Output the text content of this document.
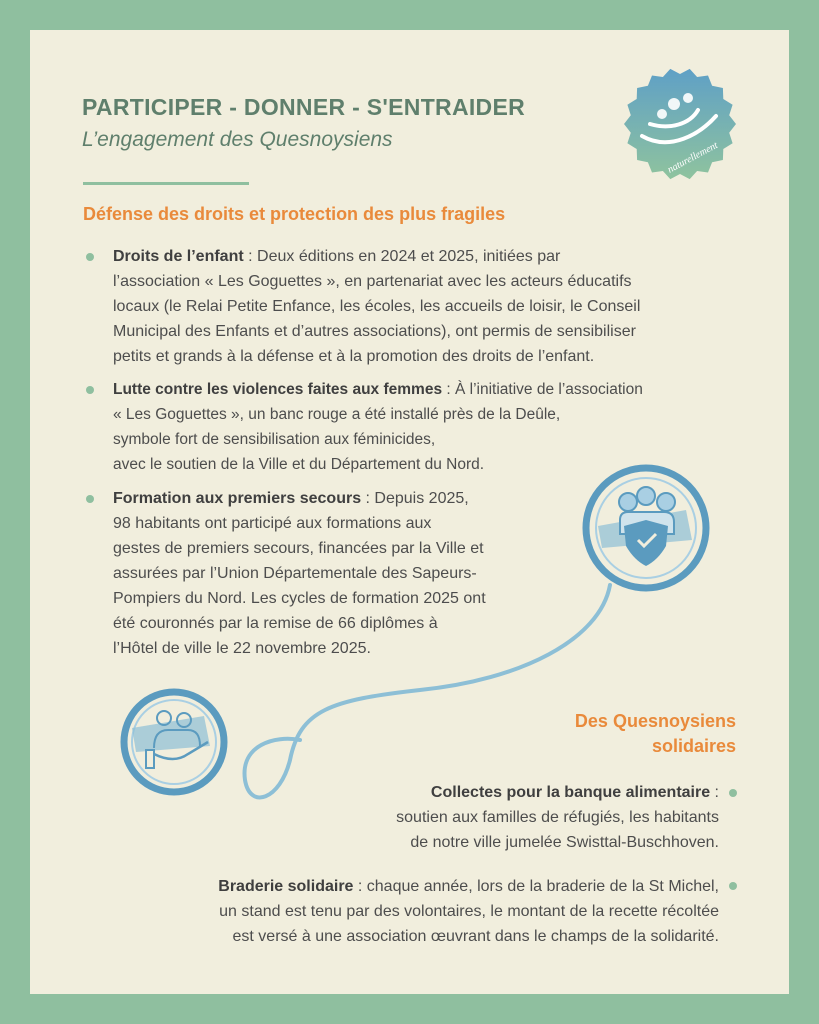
naturellement
PARTICIPER - DONNER - S'ENTRAIDER
L’engagement des Quesnoysiens
Défense des droits et protection des plus fragiles
Droits de l’enfant : Deux éditions en 2024 et 2025, initiées par
l’association « Les Goguettes », en partenariat avec les acteurs éducatifs
locaux (le Relai Petite Enfance, les écoles, les accueils de loisir, le Conseil
Municipal des Enfants et d’autres associations), ont permis de sensibiliser
petits et grands à la défense et à la promotion des droits de l’enfant.
Lutte contre les violences faites aux femmes : À l’initiative de l’association
« Les Goguettes », un banc rouge a été installé près de la Deûle,
symbole fort de sensibilisation aux féminicides,
avec le soutien de la Ville et du Département du Nord.
Formation aux premiers secours : Depuis 2025,
98 habitants ont participé aux formations aux
gestes de premiers secours, financées par la Ville et
assurées par l’Union Départementale des Sapeurs-
Pompiers du Nord. Les cycles de formation 2025 ont
été couronnés par la remise de 66 diplômes à
l’Hôtel de ville le 22 novembre 2025.
Des Quesnoysiens
solidaires
Collectes pour la banque alimentaire :
soutien aux familles de réfugiés, les habitants
de notre ville jumelée Swisttal-Buschhoven.
Braderie solidaire : chaque année, lors de la braderie de la St Michel,
un stand est tenu par des volontaires, le montant de la recette récoltée
est versé à une association œuvrant dans le champs de la solidarité.
